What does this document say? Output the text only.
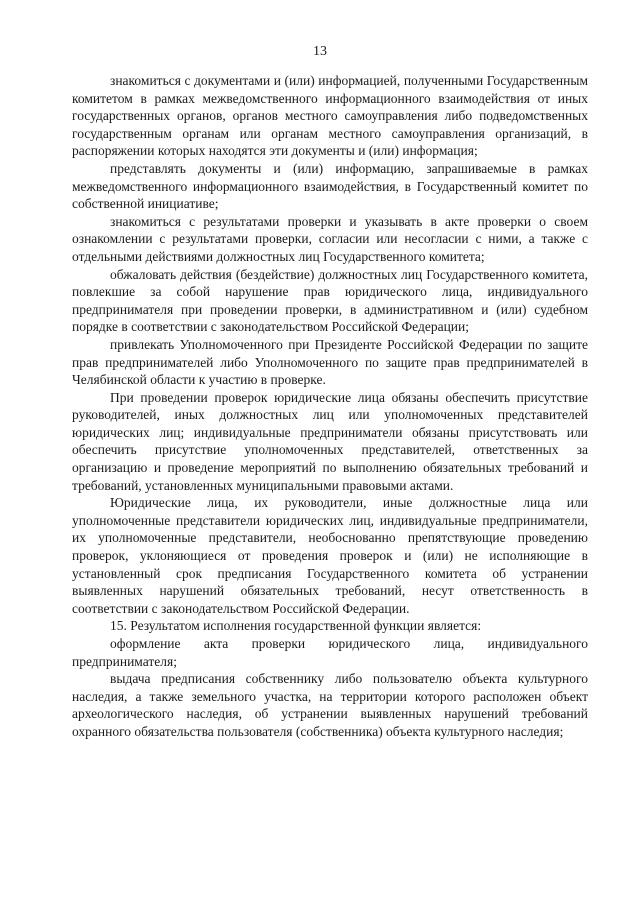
13

знакомиться с документами и (или) информацией, полученными Государственным комитетом в рамках межведомственного информационного взаимодействия от иных государственных органов, органов местного самоуправления либо подведомственных государственным органам или органам местного самоуправления организаций, в распоряжении которых находятся эти документы и (или) информация;

представлять документы и (или) информацию, запрашиваемые в рамках межведомственного информационного взаимодействия, в Государственный комитет по собственной инициативе;

знакомиться с результатами проверки и указывать в акте проверки о своем ознакомлении с результатами проверки, согласии или несогласии с ними, а также с отдельными действиями должностных лиц Государственного комитета;

обжаловать действия (бездействие) должностных лиц Государственного комитета, повлекшие за собой нарушение прав юридического лица, индивидуального предпринимателя при проведении проверки, в административном и (или) судебном порядке в соответствии с законодательством Российской Федерации;

привлекать Уполномоченного при Президенте Российской Федерации по защите прав предпринимателей либо Уполномоченного по защите прав предпринимателей в Челябинской области к участию в проверке.

При проведении проверок юридические лица обязаны обеспечить присутствие руководителей, иных должностных лиц или уполномоченных представителей юридических лиц; индивидуальные предприниматели обязаны присутствовать или обеспечить присутствие уполномоченных представителей, ответственных за организацию и проведение мероприятий по выполнению обязательных требований и требований, установленных муниципальными правовыми актами.

Юридические лица, их руководители, иные должностные лица или уполномоченные представители юридических лиц, индивидуальные предприниматели, их уполномоченные представители, необоснованно препятствующие проведению проверок, уклоняющиеся от проведения проверок и (или) не исполняющие в установленный срок предписания Государственного комитета об устранении выявленных нарушений обязательных требований, несут ответственность в соответствии с законодательством Российской Федерации.

15. Результатом исполнения государственной функции является:

оформление акта проверки юридического лица, индивидуального предпринимателя;

выдача предписания собственнику либо пользователю объекта культурного наследия, а также земельного участка, на территории которого расположен объект археологического наследия, об устранении выявленных нарушений требований охранного обязательства пользователя (собственника) объекта культурного наследия;
